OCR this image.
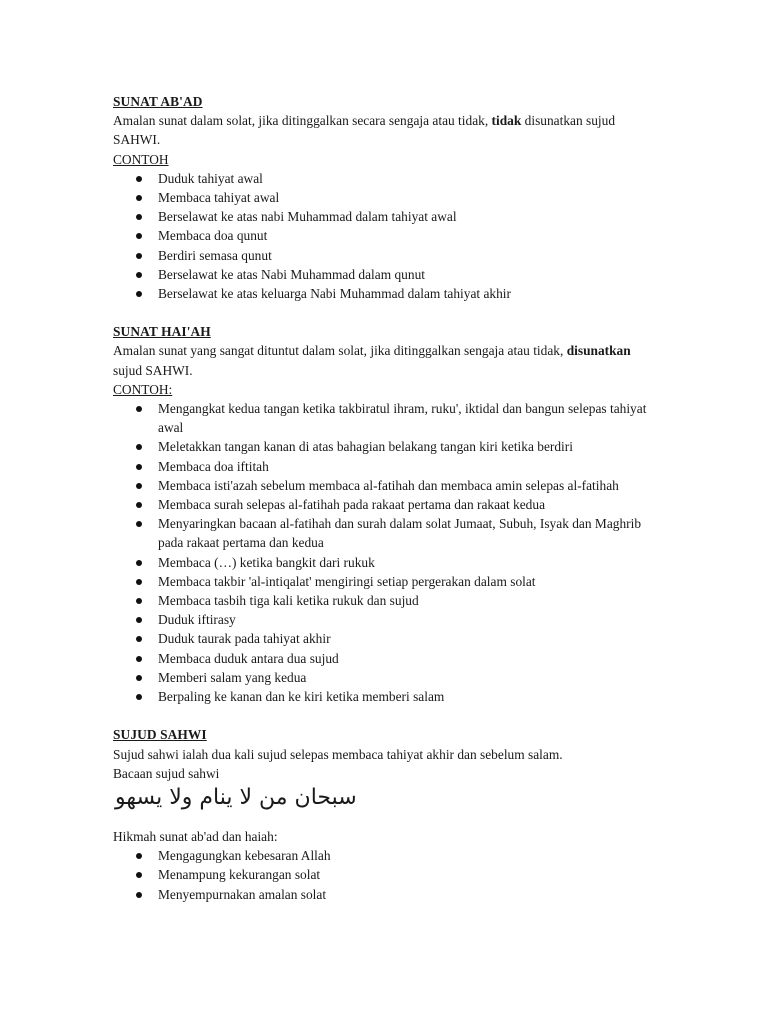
SUNAT AB'AD

Amalan sunat dalam solat, jika ditinggalkan secara sengaja atau tidak, tidak disunatkan sujud SAHWI.

CONTOH

Duduk tahiyat awal
Membaca tahiyat awal
Berselawat ke atas nabi Muhammad dalam tahiyat awal
Membaca doa qunut
Berdiri semasa qunut
Berselawat ke atas Nabi Muhammad dalam qunut
Berselawat ke atas keluarga Nabi Muhammad dalam tahiyat akhir

SUNAT HAI'AH

Amalan sunat yang sangat dituntut dalam solat, jika ditinggalkan sengaja atau tidak, disunatkan sujud SAHWI.

CONTOH:

Mengangkat kedua tangan ketika takbiratul ihram, ruku', iktidal dan bangun selepas tahiyat awal
Meletakkan tangan kanan di atas bahagian belakang tangan kiri ketika berdiri
Membaca doa iftitah
Membaca isti'azah sebelum membaca al-fatihah dan membaca amin selepas al-fatihah
Membaca surah selepas al-fatihah pada rakaat pertama dan rakaat kedua
Menyaringkan bacaan al-fatihah dan surah dalam solat Jumaat, Subuh, Isyak dan Maghrib pada rakaat pertama dan kedua
Membaca (…) ketika bangkit dari rukuk
Membaca takbir 'al-intiqalat' mengiringi setiap pergerakan dalam solat
Membaca tasbih tiga kali ketika rukuk dan sujud
Duduk iftirasy
Duduk taurak pada tahiyat akhir
Membaca duduk antara dua sujud
Memberi salam yang kedua
Berpaling ke kanan dan ke kiri ketika memberi salam

SUJUD SAHWI

Sujud sahwi ialah dua kali sujud selepas membaca tahiyat akhir dan sebelum salam.

Bacaan sujud sahwi

سبحان من لا ينام ولا يسهو

Hikmah sunat ab'ad dan haiah:

Mengagungkan kebesaran Allah
Menampung kekurangan solat
Menyempurnakan amalan solat
